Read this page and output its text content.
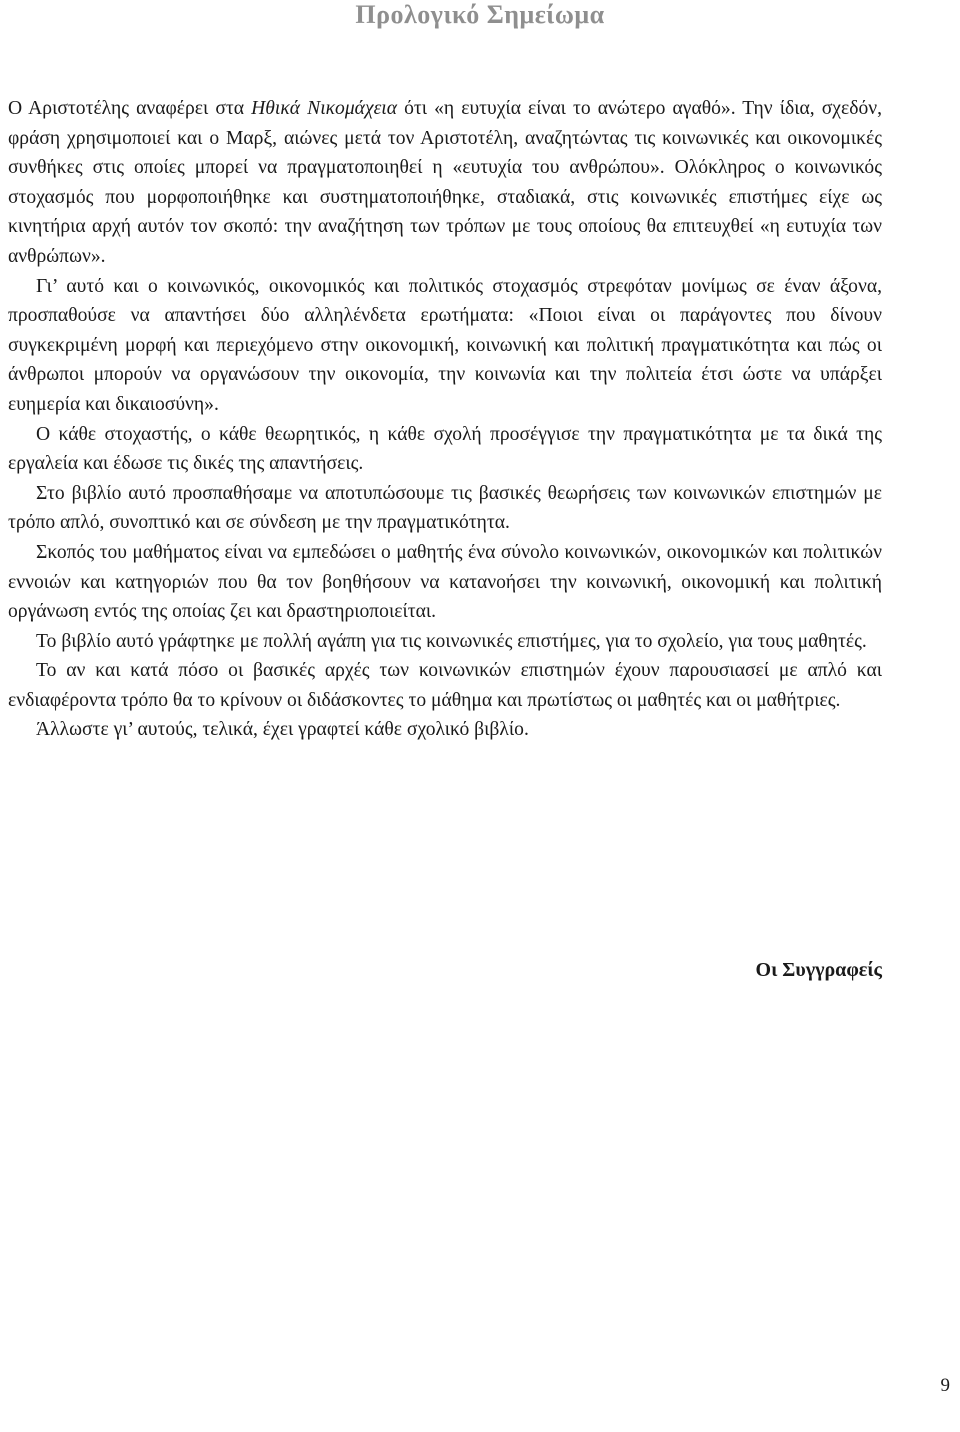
Προλογικό Σημείωμα

Ο Αριστοτέλης αναφέρει στα Ηθικά Νικομάχεια ότι «η ευτυχία είναι το ανώτερο αγαθό». Την ίδια, σχεδόν, φράση χρησιμοποιεί και ο Μαρξ, αιώνες μετά τον Αριστοτέλη, αναζητώντας τις κοινωνικές και οικονομικές συνθήκες στις οποίες μπορεί να πραγματοποιηθεί η «ευτυχία του ανθρώπου». Ολόκληρος ο κοινωνικός στοχασμός που μορφοποιήθηκε και συστηματοποιήθηκε, σταδιακά, στις κοινωνικές επιστήμες είχε ως κινητήρια αρχή αυτόν τον σκοπό: την αναζήτηση των τρόπων με τους οποίους θα επιτευχθεί «η ευτυχία των ανθρώπων».

Γι’ αυτό και ο κοινωνικός, οικονομικός και πολιτικός στοχασμός στρεφόταν μονίμως σε έναν άξονα, προσπαθούσε να απαντήσει δύο αλληλένδετα ερωτήματα: «Ποιοι είναι οι παράγοντες που δίνουν συγκεκριμένη μορφή και περιεχόμενο στην οικονομική, κοινωνική και πολιτική πραγματικότητα και πώς οι άνθρωποι μπορούν να οργανώσουν την οικονομία, την κοινωνία και την πολιτεία έτσι ώστε να υπάρξει ευημερία και δικαιοσύνη».

Ο κάθε στοχαστής, ο κάθε θεωρητικός, η κάθε σχολή προσέγγισε την πραγματικότητα με τα δικά της εργαλεία και έδωσε τις δικές της απαντήσεις.

Στο βιβλίο αυτό προσπαθήσαμε να αποτυπώσουμε τις βασικές θεωρήσεις των κοινωνικών επιστημών με τρόπο απλό, συνοπτικό και σε σύνδεση με την πραγματικότητα.

Σκοπός του μαθήματος είναι να εμπεδώσει ο μαθητής ένα σύνολο κοινωνικών, οικονομικών και πολιτικών εννοιών και κατηγοριών που θα τον βοηθήσουν να κατανοήσει την κοινωνική, οικονομική και πολιτική οργάνωση εντός της οποίας ζει και δραστηριοποιείται.

Το βιβλίο αυτό γράφτηκε με πολλή αγάπη για τις κοινωνικές επιστήμες, για το σχολείο, για τους μαθητές.

Το αν και κατά πόσο οι βασικές αρχές των κοινωνικών επιστημών έχουν παρουσιασεί με απλό και ενδιαφέροντα τρόπο θα το κρίνουν οι διδάσκοντες το μάθημα και πρωτίστως οι μαθητές και οι μαθήτριες.

Άλλωστε γι’ αυτούς, τελικά, έχει γραφτεί κάθε σχολικό βιβλίο.

Οι Συγγραφείς
9
